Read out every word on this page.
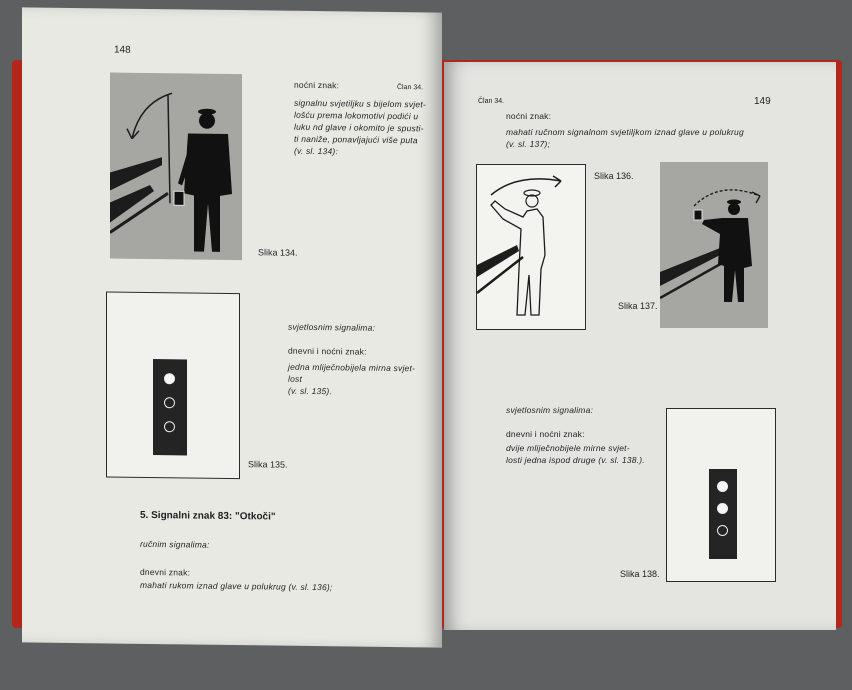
148
Član 34.
noćni znak:
signalnu svjetiljku s bijelom svjet-
lošću prema lokomotivi podići u
luku nd glave i okomito je spusti-
ti naniže, ponavljajući više puta
(v. sl. 134):
Slika 134.
svjetlosnim signalima:
dnevni i noćni znak:
jedna mliječnobijela mirna svjet-
lost
(v. sl. 135).
Slika 135.
5. Signalni znak 83: "Otkoči"
ručnim signalima:
dnevni znak:
mahati rukom iznad glave u polukrug (v. sl. 136);
Član 34.	149
noćni znak:
mahati ručnom signalnom svjetiljkom iznad glave u polukrug
(v. sl. 137);
Slika 136.
Slika 137.
svjetlosnim signalima:
dnevni i noćni znak:
dvije mliječnobijele mirne svjet-
losti jedna ispod druge (v. sl. 138.).
Slika 138.
